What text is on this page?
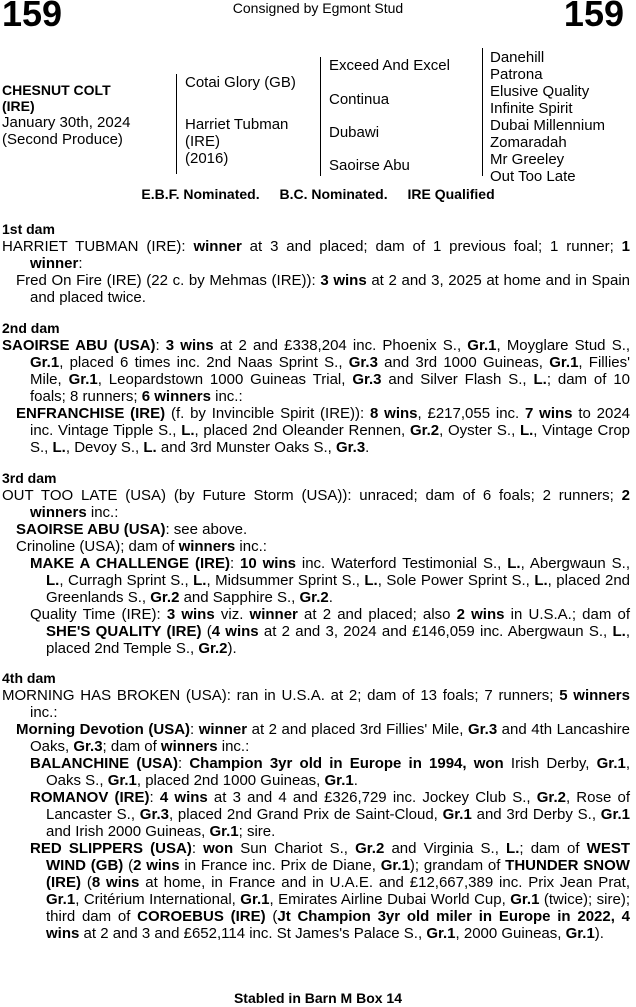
159	Consigned by Egmont Stud	159
CHESNUT COLT
(IRE)
January 30th, 2024
(Second Produce)
Cotai Glory (GB)
Harriet Tubman
(IRE)
(2016)
Exceed And Excel
Continua
Dubawi
Saoirse Abu
Danehill
Patrona
Elusive Quality
Infinite Spirit
Dubai Millennium
Zomaradah
Mr Greeley
Out Too Late
E.B.F. Nominated. B.C. Nominated. IRE Qualified
1st dam

HARRIET TUBMAN (IRE): winner at 3 and placed; dam of 1 previous foal; 1 runner; 1 winner:

Fred On Fire (IRE) (22 c. by Mehmas (IRE)): 3 wins at 2 and 3, 2025 at home and in Spain and placed twice.

2nd dam

SAOIRSE ABU (USA): 3 wins at 2 and £338,204 inc. Phoenix S., Gr.1, Moyglare Stud S., Gr.1, placed 6 times inc. 2nd Naas Sprint S., Gr.3 and 3rd 1000 Guineas, Gr.1, Fillies' Mile, Gr.1, Leopardstown 1000 Guineas Trial, Gr.3 and Silver Flash S., L.; dam of 10 foals; 8 runners; 6 winners inc.:

ENFRANCHISE (IRE) (f. by Invincible Spirit (IRE)): 8 wins, £217,055 inc. 7 wins to 2024 inc. Vintage Tipple S., L., placed 2nd Oleander Rennen, Gr.2, Oyster S., L., Vintage Crop S., L., Devoy S., L. and 3rd Munster Oaks S., Gr.3.

3rd dam

OUT TOO LATE (USA) (by Future Storm (USA)): unraced; dam of 6 foals; 2 runners; 2 winners inc.:

SAOIRSE ABU (USA): see above.

Crinoline (USA); dam of winners inc.:

MAKE A CHALLENGE (IRE): 10 wins inc. Waterford Testimonial S., L., Abergwaun S., L., Curragh Sprint S., L., Midsummer Sprint S., L., Sole Power Sprint S., L., placed 2nd Greenlands S., Gr.2 and Sapphire S., Gr.2.

Quality Time (IRE): 3 wins viz. winner at 2 and placed; also 2 wins in U.S.A.; dam of SHE'S QUALITY (IRE) (4 wins at 2 and 3, 2024 and £146,059 inc. Abergwaun S., L., placed 2nd Temple S., Gr.2).

4th dam

MORNING HAS BROKEN (USA): ran in U.S.A. at 2; dam of 13 foals; 7 runners; 5 winners inc.:

Morning Devotion (USA): winner at 2 and placed 3rd Fillies' Mile, Gr.3 and 4th Lancashire Oaks, Gr.3; dam of winners inc.:

BALANCHINE (USA): Champion 3yr old in Europe in 1994, won Irish Derby, Gr.1, Oaks S., Gr.1, placed 2nd 1000 Guineas, Gr.1.

ROMANOV (IRE): 4 wins at 3 and 4 and £326,729 inc. Jockey Club S., Gr.2, Rose of Lancaster S., Gr.3, placed 2nd Grand Prix de Saint-Cloud, Gr.1 and 3rd Derby S., Gr.1 and Irish 2000 Guineas, Gr.1; sire.

RED SLIPPERS (USA): won Sun Chariot S., Gr.2 and Virginia S., L.; dam of WEST WIND (GB) (2 wins in France inc. Prix de Diane, Gr.1); grandam of THUNDER SNOW (IRE) (8 wins at home, in France and in U.A.E. and £12,667,389 inc. Prix Jean Prat, Gr.1, Critérium International, Gr.1, Emirates Airline Dubai World Cup, Gr.1 (twice); sire); third dam of COROEBUS (IRE) (Jt Champion 3yr old miler in Europe in 2022, 4 wins at 2 and 3 and £652,114 inc. St James's Palace S., Gr.1, 2000 Guineas, Gr.1).

Stabled in Barn M Box 14
